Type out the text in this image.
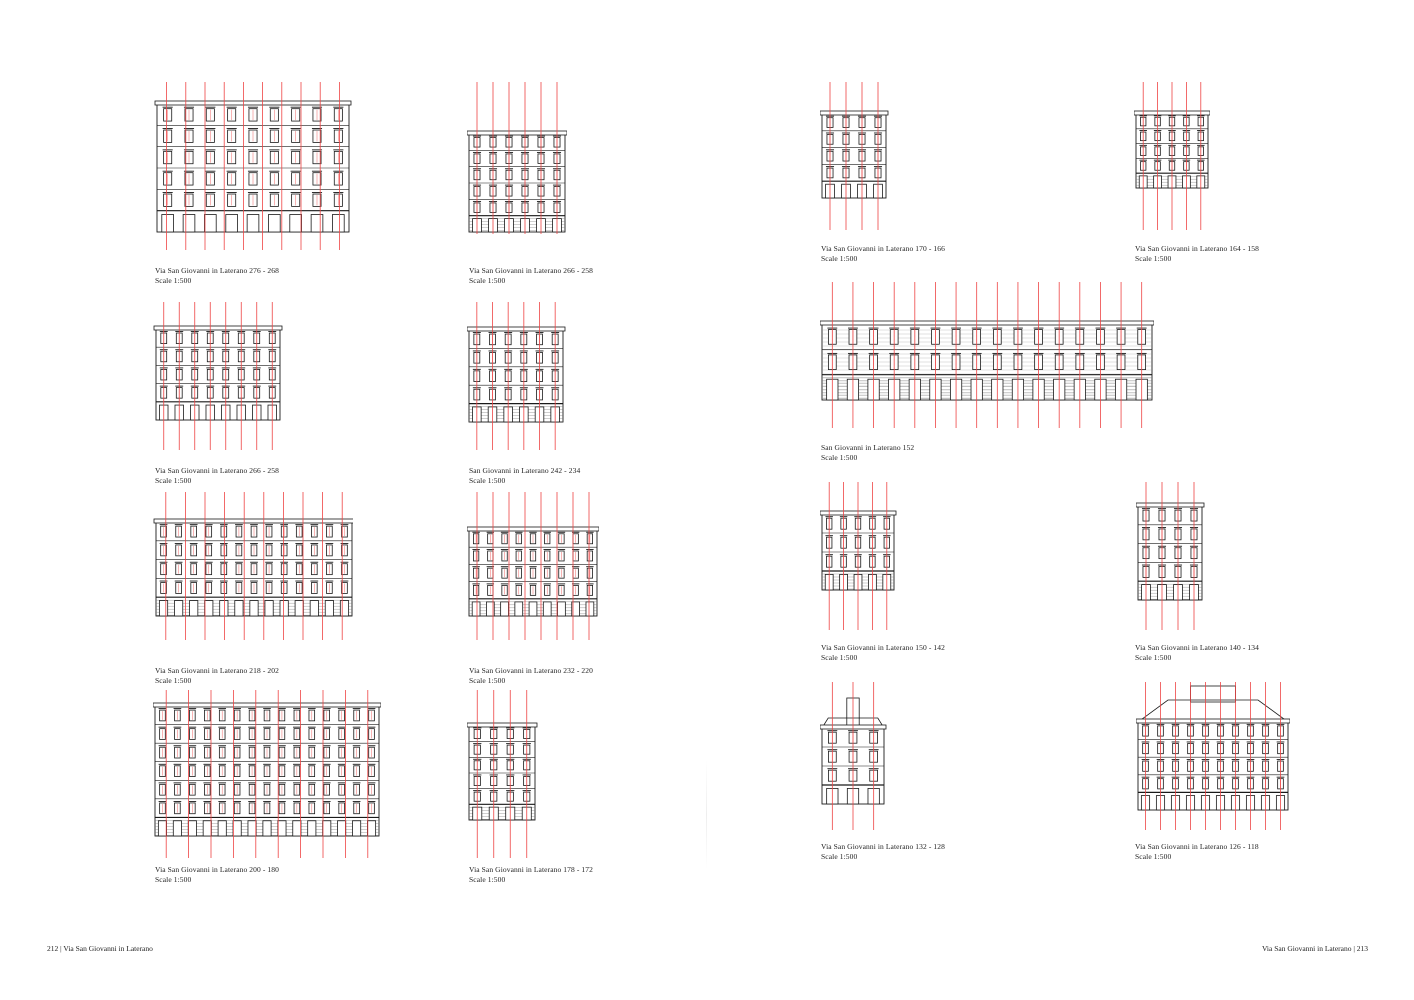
Via San Giovanni in Laterano 276 - 268
Scale 1:500
Via San Giovanni in Laterano 266 - 258
Scale 1:500
Via San Giovanni in Laterano 266 - 258
Scale 1:500
San Giovanni in Laterano 242 - 234
Scale 1:500
Via San Giovanni in Laterano 218 - 202
Scale 1:500
Via San Giovanni in Laterano 232 - 220
Scale 1:500
Via San Giovanni in Laterano 200 - 180
Scale 1:500
Via San Giovanni in Laterano 178 - 172
Scale 1:500
Via San Giovanni in Laterano 170 - 166
Scale 1:500
Via San Giovanni in Laterano 164 - 158
Scale 1:500
San Giovanni in Laterano 152
Scale 1:500
Via San Giovanni in Laterano 150 - 142
Scale 1:500
Via San Giovanni in Laterano 140 - 134
Scale 1:500
Via San Giovanni in Laterano 132 - 128
Scale 1:500
Via San Giovanni in Laterano 126 - 118
Scale 1:500
212 | Via San Giovanni in Laterano	Via San Giovanni in Laterano | 213
